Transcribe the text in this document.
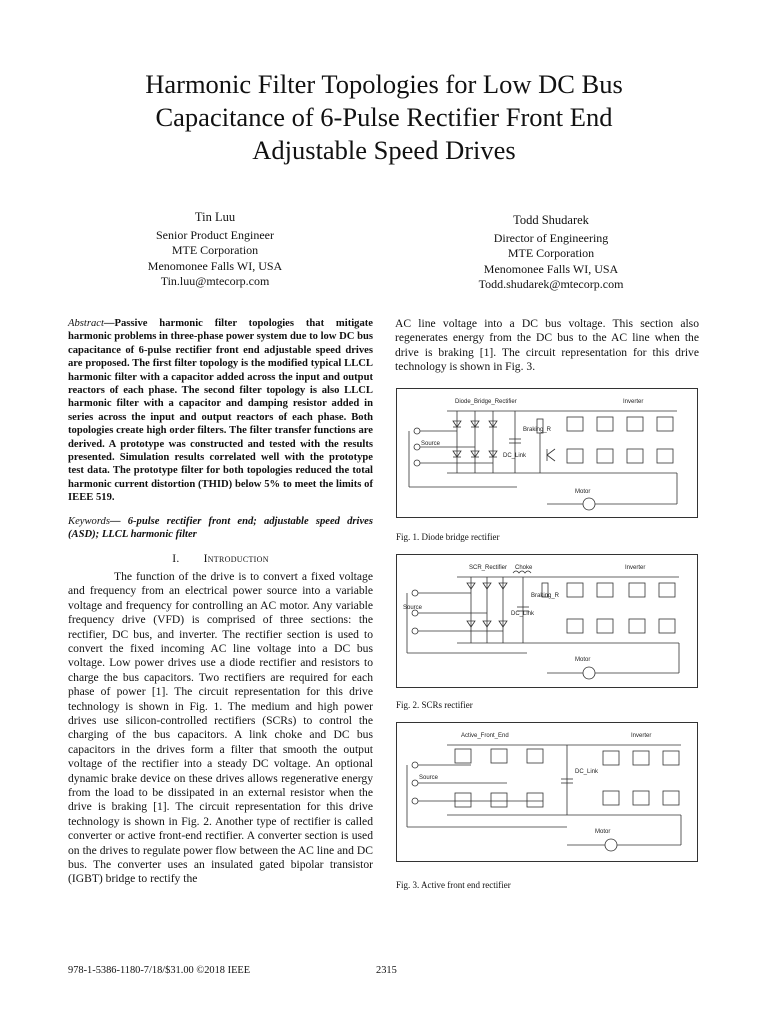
Harmonic Filter Topologies for Low DC Bus
Capacitance of 6-Pulse Rectifier Front End
Adjustable Speed Drives
Tin Luu
Senior Product Engineer
MTE Corporation
Menomonee Falls WI, USA
Tin.luu@mtecorp.com
Todd Shudarek
Director of Engineering
MTE Corporation
Menomonee Falls WI, USA
Todd.shudarek@mtecorp.com
Abstract—Passive harmonic filter topologies that mitigate harmonic problems in three-phase power system due to low DC bus capacitance of 6-pulse rectifier front end adjustable speed drives are proposed. The first filter topology is the modified typical LLCL harmonic filter with a capacitor added across the input and output reactors of each phase. The second filter topology is also LLCL harmonic filter with a capacitor and damping resistor added in series across the input and output reactors of each phase. Both topologies create high order filters. The filter transfer functions are derived. A prototype was constructed and tested with the results presented. Simulation results correlated well with the prototype test data. The prototype filter for both topologies reduced the total harmonic current distortion (THID) below 5% to meet the limits of IEEE 519.
Keywords— 6-pulse rectifier front end; adjustable speed drives (ASD); LLCL harmonic filter
I. Introduction

The function of the drive is to convert a fixed voltage and frequency from an electrical power source into a variable voltage and frequency for controlling an AC motor. Any variable frequency drive (VFD) is comprised of three sections: the rectifier, DC bus, and inverter. The rectifier section is used to convert the fixed incoming AC line voltage into a DC bus voltage. Low power drives use a diode rectifier and resistors to charge the bus capacitors. Two rectifiers are required for each phase of power [1]. The circuit representation for this drive technology is shown in Fig. 1. The medium and high power drives use silicon-controlled rectifiers (SCRs) to control the charging of the bus capacitors. A link choke and DC bus capacitors in the drives form a filter that smooth the output voltage of the rectifier into a steady DC voltage. An optional dynamic brake device on these drives allows regenerative energy from the load to be dissipated in an external resistor when the drive is braking [1]. The circuit representation for this drive technology is shown in Fig. 2. Another type of rectifier is called converter or active front-end rectifier. A converter section is used on the drives to regulate power flow between the AC line and DC bus. The converter uses an insulated gated bipolar transistor (IGBT) bridge to rectify the

AC line voltage into a DC bus voltage. This section also regenerates energy from the DC bus to the AC line when the drive is braking [1]. The circuit representation for this drive technology is shown in Fig. 3.

Diode_Bridge_Rectifier	Inverter
Source
Braking_R
DC_Link
Motor
Fig. 1. Diode bridge rectifier
SCR_Rectifier Choke	Inverter
Source
Braking_R
DC_Link
Motor
Fig. 2. SCRs rectifier
Active_Front_End	Inverter
Source
DC_Link
Motor
Fig. 3. Active front end rectifier
978-1-5386-1180-7/18/$31.00 ©2018 IEEE	2315
